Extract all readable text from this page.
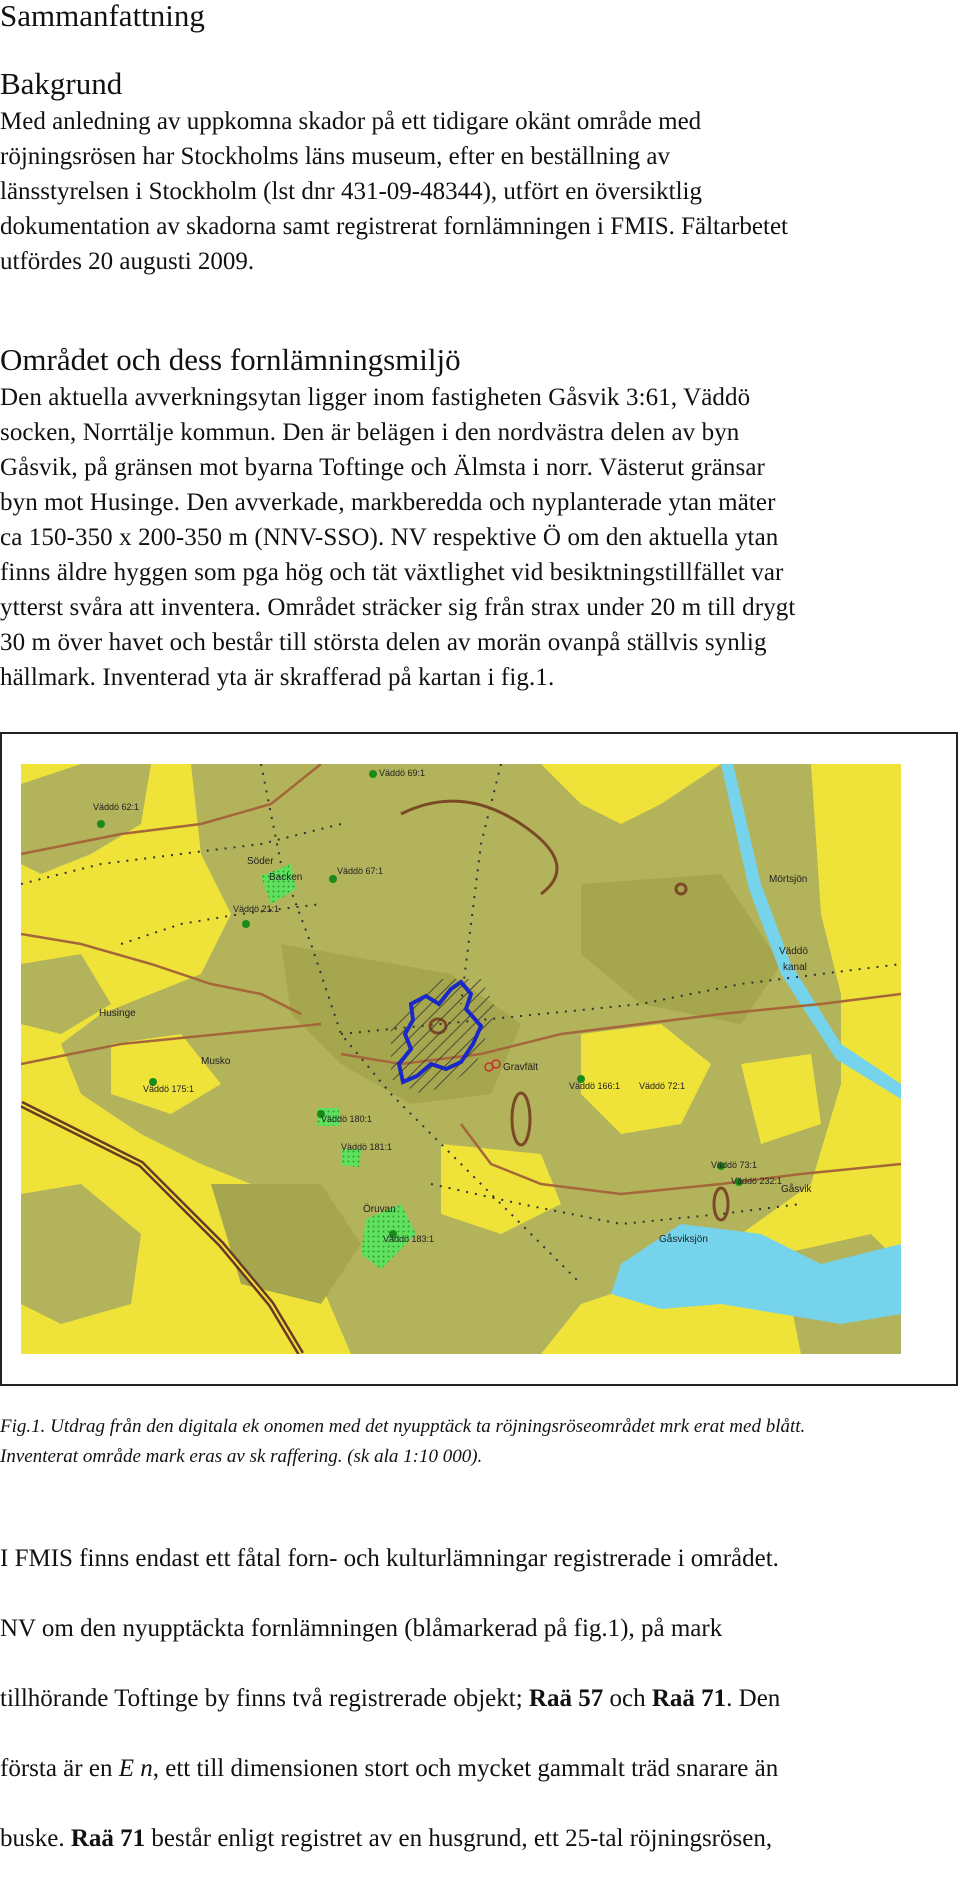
Sammanfattning
Bakgrund
Med anledning av uppkomna skador på ett tidigare okänt område med
röjningsrösen har Stockholms läns museum, efter en beställning av
länsstyrelsen i Stockholm (lst dnr 431-09-48344), utfört en översiktlig
dokumentation av skadorna samt registrerat fornlämningen i FMIS. Fältarbetet
utfördes 20 augusti 2009.
Området och dess fornlämningsmiljö
Den aktuella avverkningsytan ligger inom fastigheten Gåsvik 3:61, Väddö
socken, Norrtälje kommun. Den är belägen i den nordvästra delen av byn
Gåsvik, på gränsen mot byarna Toftinge och Älmsta i norr. Västerut gränsar
byn mot Husinge. Den avverkade, markberedda och nyplanterade ytan mäter
ca 150-350 x 200-350 m (NNV-SSO). NV respektive Ö om den aktuella ytan
finns äldre hyggen som pga hög och tät växtlighet vid besiktningstillfället var
ytterst svåra att inventera. Området sträcker sig från strax under 20 m till drygt
30 m över havet och består till största delen av morän ovanpå ställvis synlig
hällmark. Inventerad yta är skrafferad på kartan i fig.1.
Väddö 69:1
Väddö 62:1
Söder
Backen
Väddö 67:1
Väddö 21:1
Mörtsjön
Väddö
kanal
Husinge
Musko
Gravfält
Väddö 175:1	Väddö 166:1 Väddö 72:1
Väddö 180:1
Väddö 181:1
Väddö 73:1
Väddö 232:1
Gåsvik
Öruvan
Väddö 183:1	Gåsviksjön
Fig.1. Utdrag från den digitala ek onomen med det nyupptäck ta röjningsröseområdet mrk erat med blått.
Inventerat område mark eras av sk raffering. (sk ala 1:10 000).

I FMIS finns endast ett fåtal forn- och kulturlämningar registrerade i området.

NV om den nyupptäckta fornlämningen (blåmarkerad på fig.1), på mark

tillhörande Toftinge by finns två registrerade objekt; Raä 57 och Raä 71. Den

första är en E n, ett till dimensionen stort och mycket gammalt träd snarare än

buske. Raä 71 består enligt registret av en husgrund, ett 25-tal röjningsrösen,
